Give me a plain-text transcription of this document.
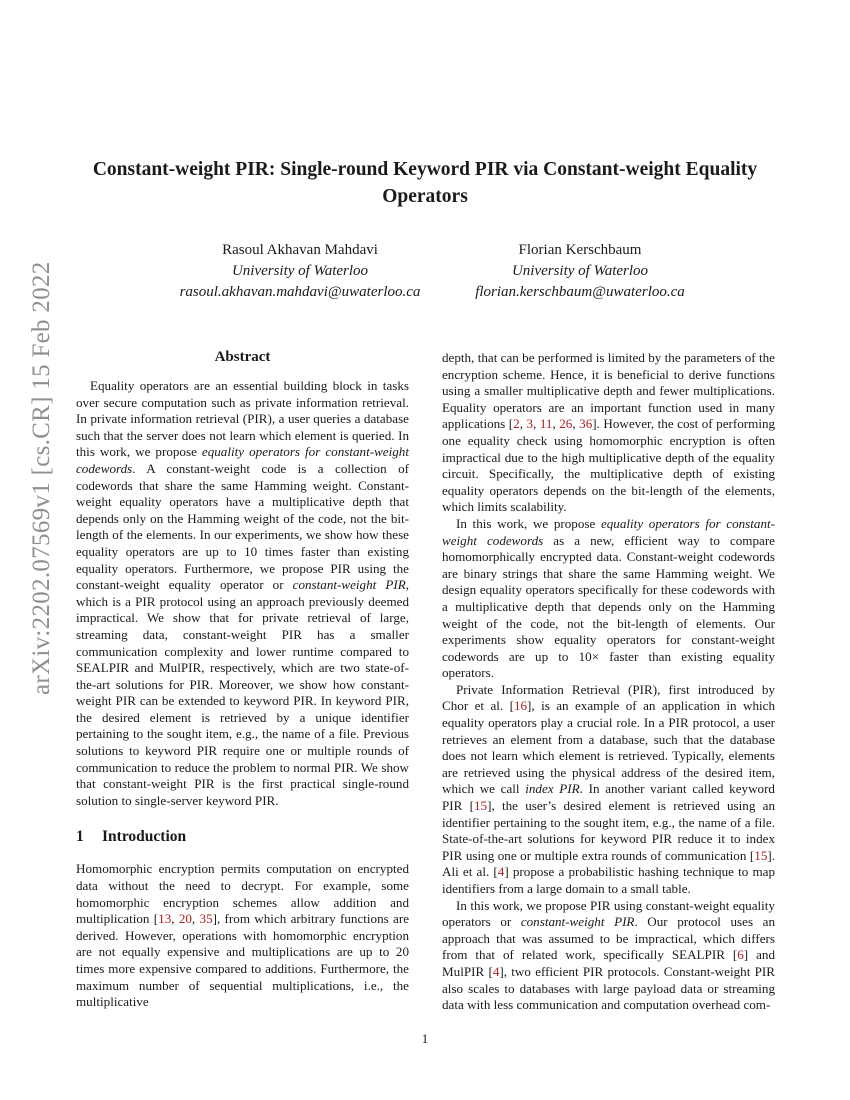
Constant-weight PIR: Single-round Keyword PIR via Constant-weight Equality Operators
Rasoul Akhavan Mahdavi
University of Waterloo
rasoul.akhavan.mahdavi@uwaterloo.ca
Florian Kerschbaum
University of Waterloo
florian.kerschbaum@uwaterloo.ca
arXiv:2202.07569v1 [cs.CR] 15 Feb 2022	Abstract

Equality operators are an essential building block in tasks over secure computation such as private information retrieval. In private information retrieval (PIR), a user queries a database such that the server does not learn which element is queried. In this work, we propose equality operators for constant-weight codewords. A constant-weight code is a collection of codewords that share the same Hamming weight. Constant-weight equality operators have a multiplicative depth that depends only on the Hamming weight of the code, not the bit-length of the elements. In our experiments, we show how these equality operators are up to 10 times faster than existing equality operators. Furthermore, we propose PIR using the constant-weight equality operator or constant-weight PIR, which is a PIR protocol using an approach previously deemed impractical. We show that for private retrieval of large, streaming data, constant-weight PIR has a smaller communication complexity and lower runtime compared to SEALPIR and MulPIR, respectively, which are two state-of-the-art solutions for PIR. Moreover, we show how constant-weight PIR can be extended to keyword PIR. In keyword PIR, the desired element is retrieved by a unique identifier pertaining to the sought item, e.g., the name of a file. Previous solutions to keyword PIR require one or multiple rounds of communication to reduce the problem to normal PIR. We show that constant-weight PIR is the first practical single-round solution to single-server keyword PIR.

1	Introduction

Homomorphic encryption permits computation on encrypted data without the need to decrypt. For example, some homomorphic encryption schemes allow addition and multiplication [13, 20, 35], from which arbitrary functions are derived. However, operations with homomorphic encryption are not equally expensive and multiplications are up to 20 times more expensive compared to additions. Furthermore, the maximum number of sequential multiplications, i.e., the multiplicative

depth, that can be performed is limited by the parameters of the encryption scheme. Hence, it is beneficial to derive functions using a smaller multiplicative depth and fewer multiplications. Equality operators are an important function used in many applications [2, 3, 11, 26, 36]. However, the cost of performing one equality check using homomorphic encryption is often impractical due to the high multiplicative depth of the equality circuit. Specifically, the multiplicative depth of existing equality operators depends on the bit-length of the elements, which limits scalability.

In this work, we propose equality operators for constant-weight codewords as a new, efficient way to compare homomorphically encrypted data. Constant-weight codewords are binary strings that share the same Hamming weight. We design equality operators specifically for these codewords with a multiplicative depth that depends only on the Hamming weight of the code, not the bit-length of elements. Our experiments show equality operators for constant-weight codewords are up to 10× faster than existing equality operators.

Private Information Retrieval (PIR), first introduced by Chor et al. [16], is an example of an application in which equality operators play a crucial role. In a PIR protocol, a user retrieves an element from a database, such that the database does not learn which element is retrieved. Typically, elements are retrieved using the physical address of the desired item, which we call index PIR. In another variant called keyword PIR [15], the user’s desired element is retrieved using an identifier pertaining to the sought item, e.g., the name of a file. State-of-the-art solutions for keyword PIR reduce it to index PIR using one or multiple extra rounds of communication [15]. Ali et al. [4] propose a probabilistic hashing technique to map identifiers from a large domain to a small table.

In this work, we propose PIR using constant-weight equality operators or constant-weight PIR. Our protocol uses an approach that was assumed to be impractical, which differs from that of related work, specifically SEALPIR [6] and MulPIR [4], two efficient PIR protocols. Constant-weight PIR also scales to databases with large payload data or streaming data with less communication and computation overhead com-

1
